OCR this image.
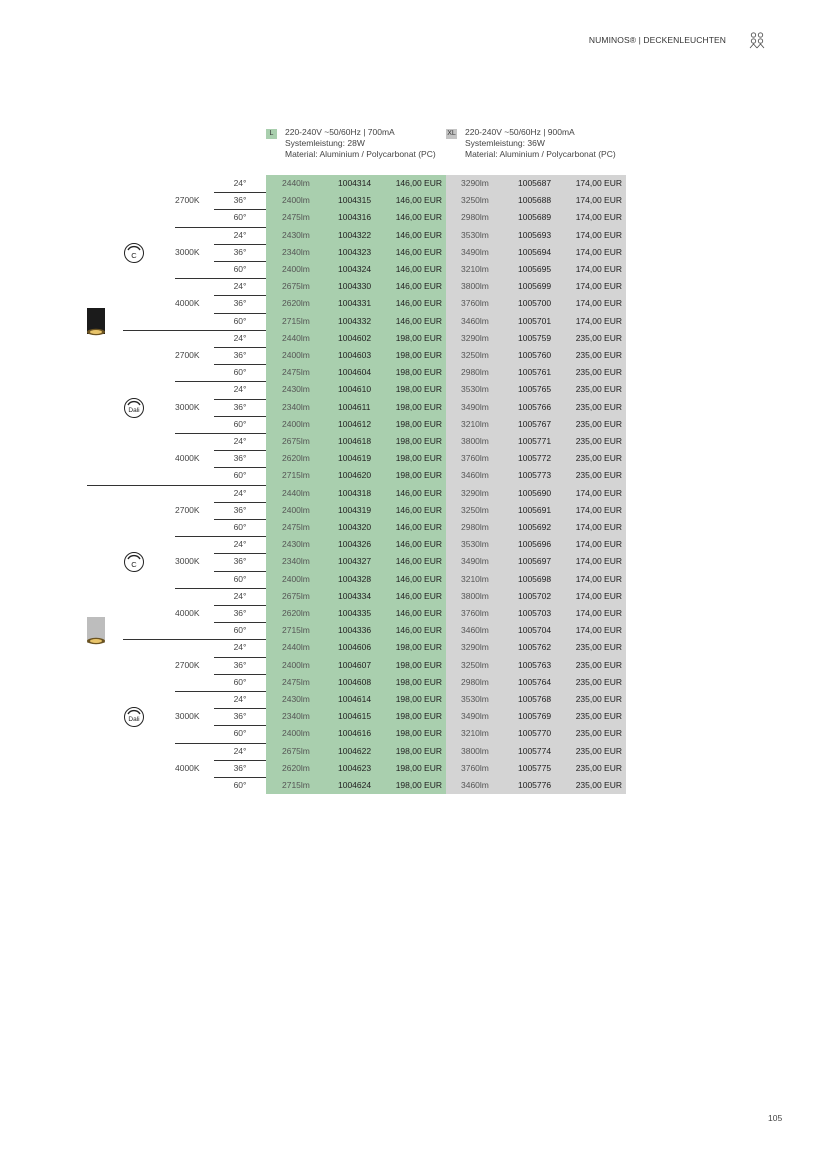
NUMINOS® | DECKENLEUCHTEN
L	220-240V ~50/60Hz | 700mA
Systemleistung: 28W
Material: Aluminium / Polycarbonat (PC)
XL 220-240V ~50/60Hz | 900mA
Systemleistung: 36W
Material: Aluminium / Polycarbonat (PC)
24°	2440lm	1004314	146,00 EUR 3290lm	1005687	174,00 EUR
36°	2400lm	1004315	146,00 EUR 3250lm	1005688	174,00 EUR
60°	2475lm	1004316	146,00 EUR 2980lm	1005689	174,00 EUR
2700K
24°	2430lm	1004322	146,00 EUR 3530lm	1005693	174,00 EUR
36°	2340lm	1004323	146,00 EUR 3490lm	1005694	174,00 EUR
60°	2400lm	1004324	146,00 EUR 3210lm	1005695	174,00 EUR
3000K
24°	2675lm	1004330	146,00 EUR 3800lm	1005699	174,00 EUR
36°	2620lm	1004331	146,00 EUR 3760lm	1005700	174,00 EUR
60°	2715lm	1004332	146,00 EUR 3460lm	1005701	174,00 EUR
4000K
C
24°	2440lm	1004602	198,00 EUR 3290lm	1005759	235,00 EUR
36°	2400lm	1004603	198,00 EUR 3250lm	1005760	235,00 EUR
60°	2475lm	1004604	198,00 EUR 2980lm	1005761	235,00 EUR
2700K
24°	2430lm	1004610	198,00 EUR 3530lm	1005765	235,00 EUR
36°	2340lm	1004611	198,00 EUR 3490lm	1005766	235,00 EUR
60°	2400lm	1004612	198,00 EUR 3210lm	1005767	235,00 EUR
3000K
24°	2675lm	1004618	198,00 EUR 3800lm	1005771	235,00 EUR
36°	2620lm	1004619	198,00 EUR 3760lm	1005772	235,00 EUR
60°	2715lm	1004620	198,00 EUR 3460lm	1005773	235,00 EUR
4000K
Dali
24°	2440lm	1004318	146,00 EUR 3290lm	1005690	174,00 EUR
36°	2400lm	1004319	146,00 EUR 3250lm	1005691	174,00 EUR
60°	2475lm	1004320	146,00 EUR 2980lm	1005692	174,00 EUR
2700K
24°	2430lm	1004326	146,00 EUR 3530lm	1005696	174,00 EUR
36°	2340lm	1004327	146,00 EUR 3490lm	1005697	174,00 EUR
60°	2400lm	1004328	146,00 EUR 3210lm	1005698	174,00 EUR
3000K
24°	2675lm	1004334	146,00 EUR 3800lm	1005702	174,00 EUR
36°	2620lm	1004335	146,00 EUR 3760lm	1005703	174,00 EUR
60°	2715lm	1004336	146,00 EUR 3460lm	1005704	174,00 EUR
4000K
C
24°	2440lm	1004606	198,00 EUR 3290lm	1005762	235,00 EUR
36°	2400lm	1004607	198,00 EUR 3250lm	1005763	235,00 EUR
60°	2475lm	1004608	198,00 EUR 2980lm	1005764	235,00 EUR
2700K
24°	2430lm	1004614	198,00 EUR 3530lm	1005768	235,00 EUR
36°	2340lm	1004615	198,00 EUR 3490lm	1005769	235,00 EUR
60°	2400lm	1004616	198,00 EUR 3210lm	1005770	235,00 EUR
3000K
24°	2675lm	1004622	198,00 EUR 3800lm	1005774	235,00 EUR
36°	2620lm	1004623	198,00 EUR 3760lm	1005775	235,00 EUR
60°	2715lm	1004624	198,00 EUR 3460lm	1005776	235,00 EUR
4000K
Dali
105
